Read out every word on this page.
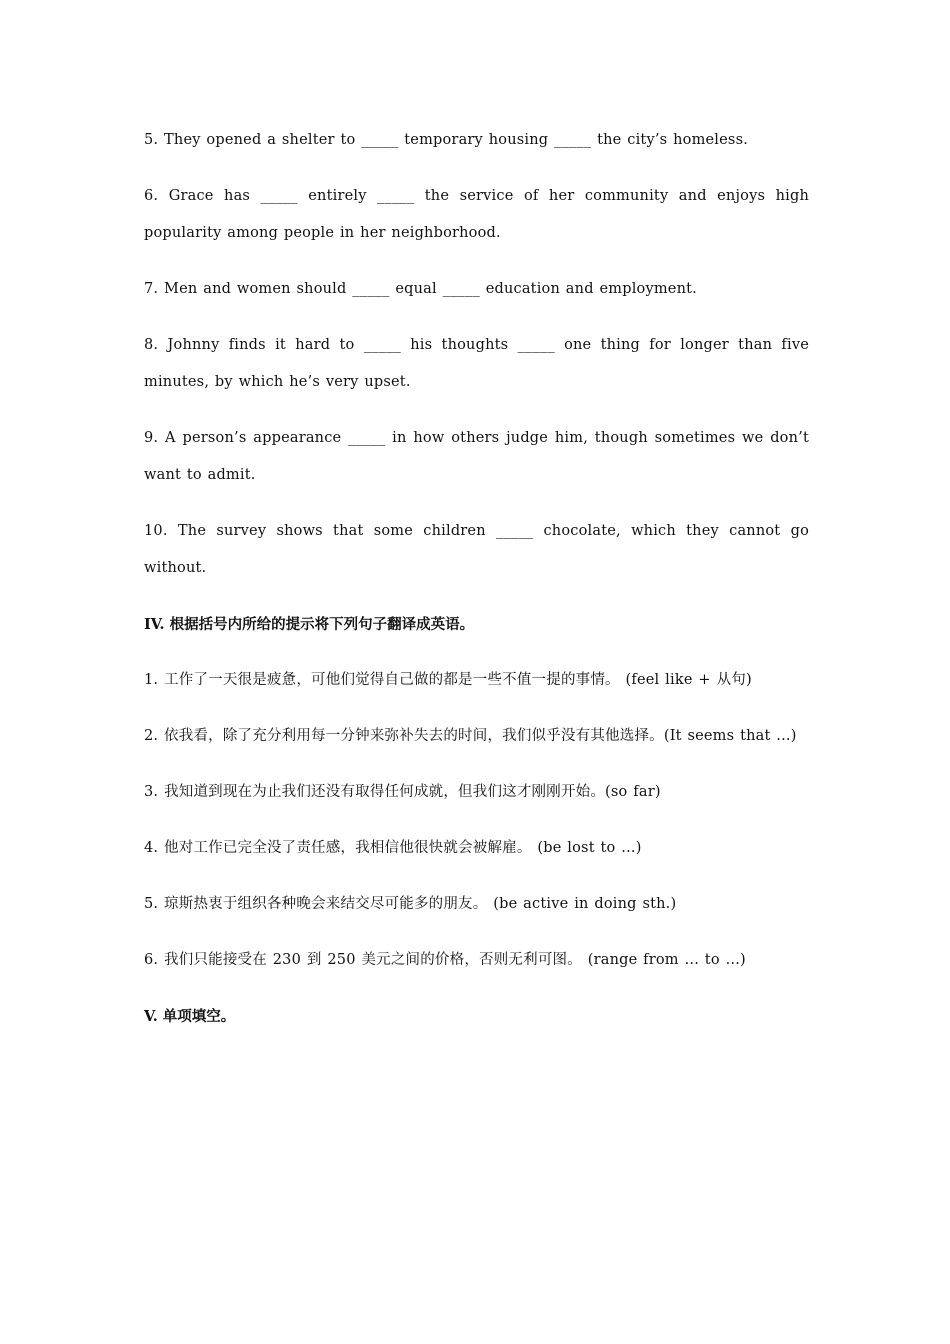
5. They opened a shelter to _____ temporary housing _____ the city’s homeless.
6. Grace has _____ entirely _____ the service of her community and enjoys high popularity among people in her neighborhood.
7. Men and women should _____ equal _____ education and employment.
8. Johnny finds it hard to _____ his thoughts _____ one thing for longer than five minutes, by which he’s very upset.
9. A person’s appearance _____ in how others judge him, though sometimes we don’t want to admit.
10. The survey shows that some children _____ chocolate, which they cannot go without.
IV. 根据括号内所给的提示将下列句子翻译成英语。
1. 工作了一天很是疲惫，可他们觉得自己做的都是一些不值一提的事情。 (feel like + 从句)
2. 依我看，除了充分利用每一分钟来弥补失去的时间，我们似乎没有其他选择。(It seems that ...)
3. 我知道到现在为止我们还没有取得任何成就，但我们这才刚刚开始。(so far)
4. 他对工作已完全没了责任感，我相信他很快就会被解雇。 (be lost to ...)
5. 琼斯热衷于组织各种晚会来结交尽可能多的朋友。 (be active in doing sth.)
6. 我们只能接受在 230 到 250 美元之间的价格，否则无利可图。 (range from ... to ...)
V. 单项填空。
